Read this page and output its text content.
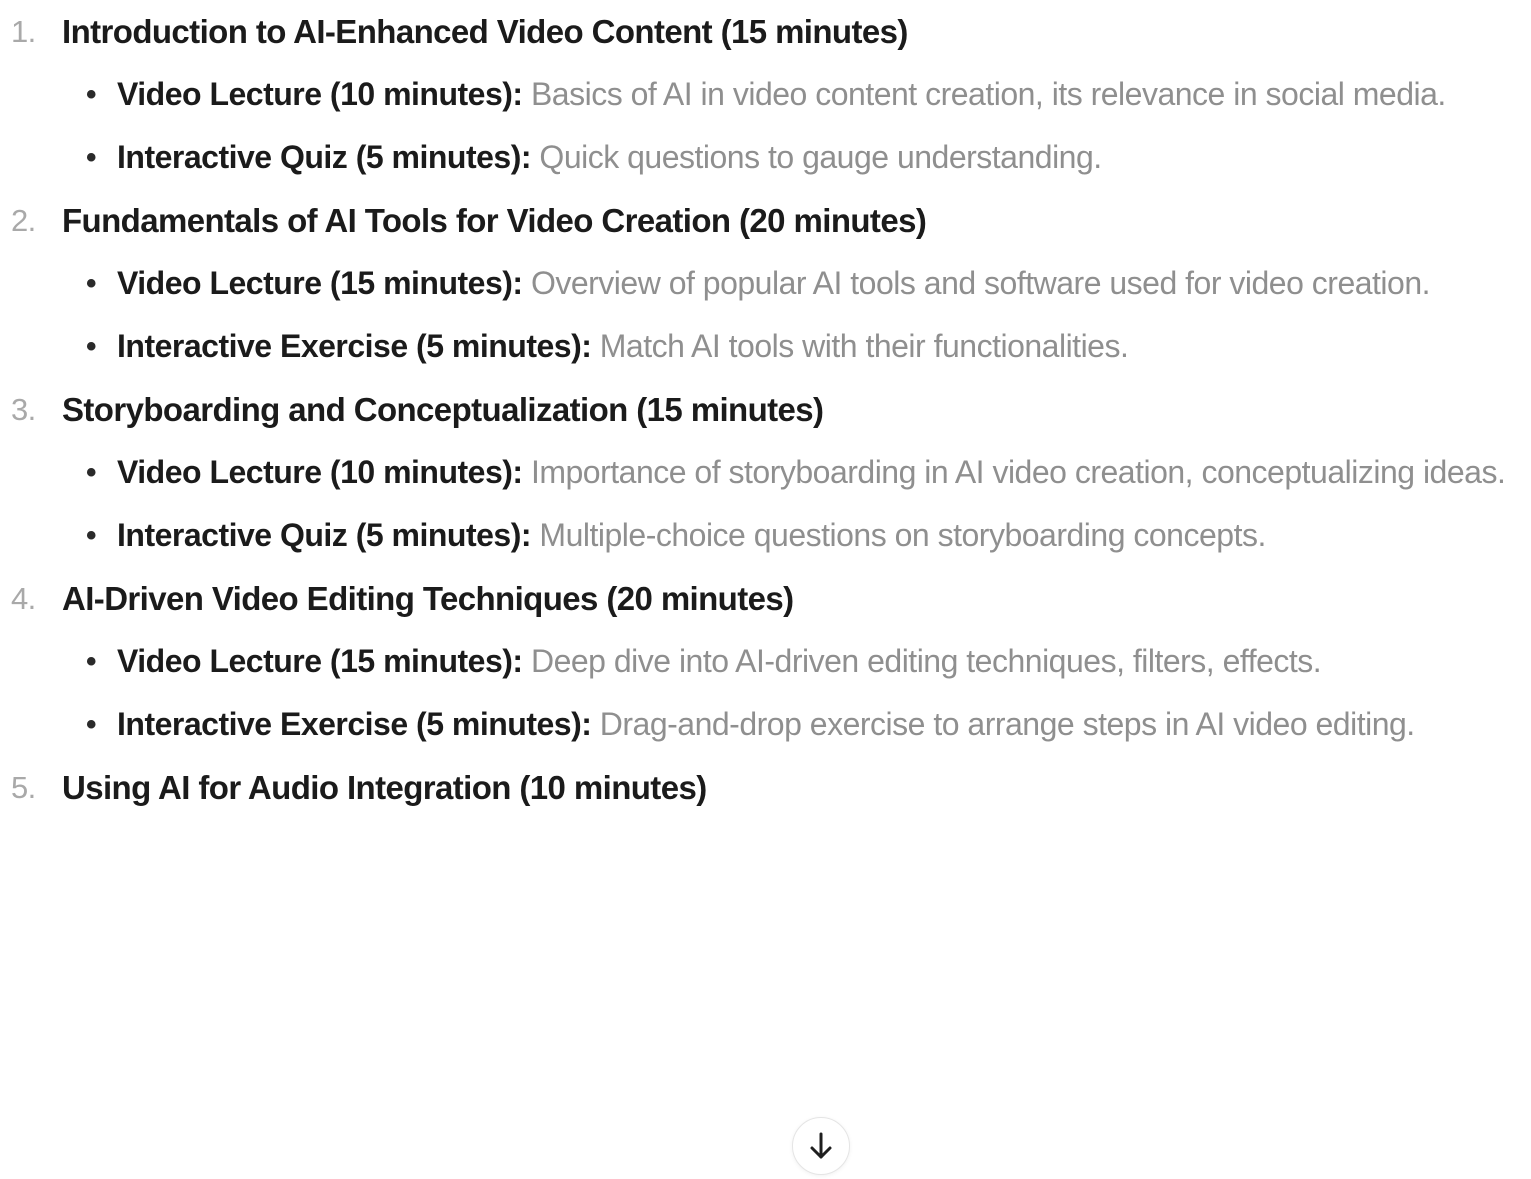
1. Introduction to AI-Enhanced Video Content (15 minutes)
• Video Lecture (10 minutes): Basics of AI in video content creation, its relevance in social media.
• Interactive Quiz (5 minutes): Quick questions to gauge understanding.
2. Fundamentals of AI Tools for Video Creation (20 minutes)
• Video Lecture (15 minutes): Overview of popular AI tools and software used for video creation.
• Interactive Exercise (5 minutes): Match AI tools with their functionalities.
3. Storyboarding and Conceptualization (15 minutes)
• Video Lecture (10 minutes): Importance of storyboarding in AI video creation, conceptualizing ideas.
• Interactive Quiz (5 minutes): Multiple-choice questions on storyboarding concepts.
4. AI-Driven Video Editing Techniques (20 minutes)
• Video Lecture (15 minutes): Deep dive into AI-driven editing techniques, filters, effects.
• Interactive Exercise (5 minutes): Drag-and-drop exercise to arrange steps in AI video editing.
5. Using AI for Audio Integration (10 minutes)
